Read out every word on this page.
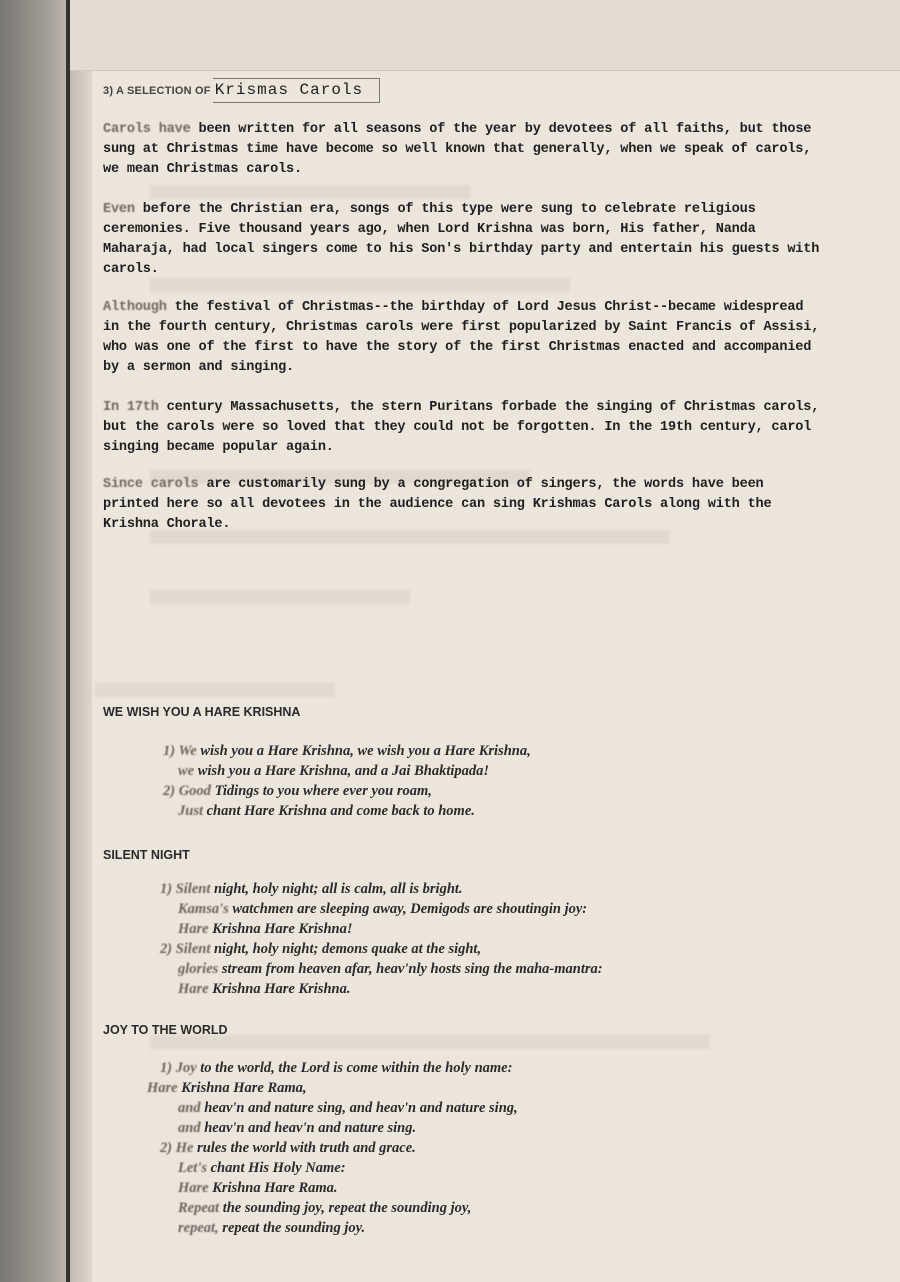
3) A SELECTION OF Krismas Carols

Carols have been written for all seasons of the year by devotees of all faiths, but those sung at Christmas time have become so well known that generally, when we speak of carols, we mean Christmas carols.

Even before the Christian era, songs of this type were sung to celebrate religious ceremonies. Five thousand years ago, when Lord Krishna was born, His father, Nanda Maharaja, had local singers come to his Son's birthday party and entertain his guests with carols.

Although the festival of Christmas--the birthday of Lord Jesus Christ--became widespread in the fourth century, Christmas carols were first popularized by Saint Francis of Assisi, who was one of the first to have the story of the first Christmas enacted and accompanied by a sermon and singing.

In 17th century Massachusetts, the stern Puritans forbade the singing of Christmas carols, but the carols were so loved that they could not be forgotten. In the 19th century, carol singing became popular again.

Since carols are customarily sung by a congregation of singers, the words have been printed here so all devotees in the audience can sing Krishmas Carols along with the Krishna Chorale.

WE WISH YOU A HARE KRISHNA
1) We wish you a Hare Krishna, we wish you a Hare Krishna,
we wish you a Hare Krishna, and a Jai Bhaktipada!
2) Good Tidings to you where ever you roam,
Just chant Hare Krishna and come back to home.
SILENT NIGHT
1) Silent night, holy night; all is calm, all is bright.
Kamsa's watchmen are sleeping away, Demigods are shoutingin joy:
Hare Krishna Hare Krishna!
2) Silent night, holy night; demons quake at the sight,
glories stream from heaven afar, heav'nly hosts sing the maha-mantra:
Hare Krishna Hare Krishna.
JOY TO THE WORLD
1) Joy to the world, the Lord is come within the holy name:
Hare Krishna Hare Rama,
and heav'n and nature sing, and heav'n and nature sing,
and heav'n and heav'n and nature sing.
2) He rules the world with truth and grace.
Let's chant His Holy Name:
Hare Krishna Hare Rama.
Repeat the sounding joy, repeat the sounding joy,
repeat, repeat the sounding joy.
